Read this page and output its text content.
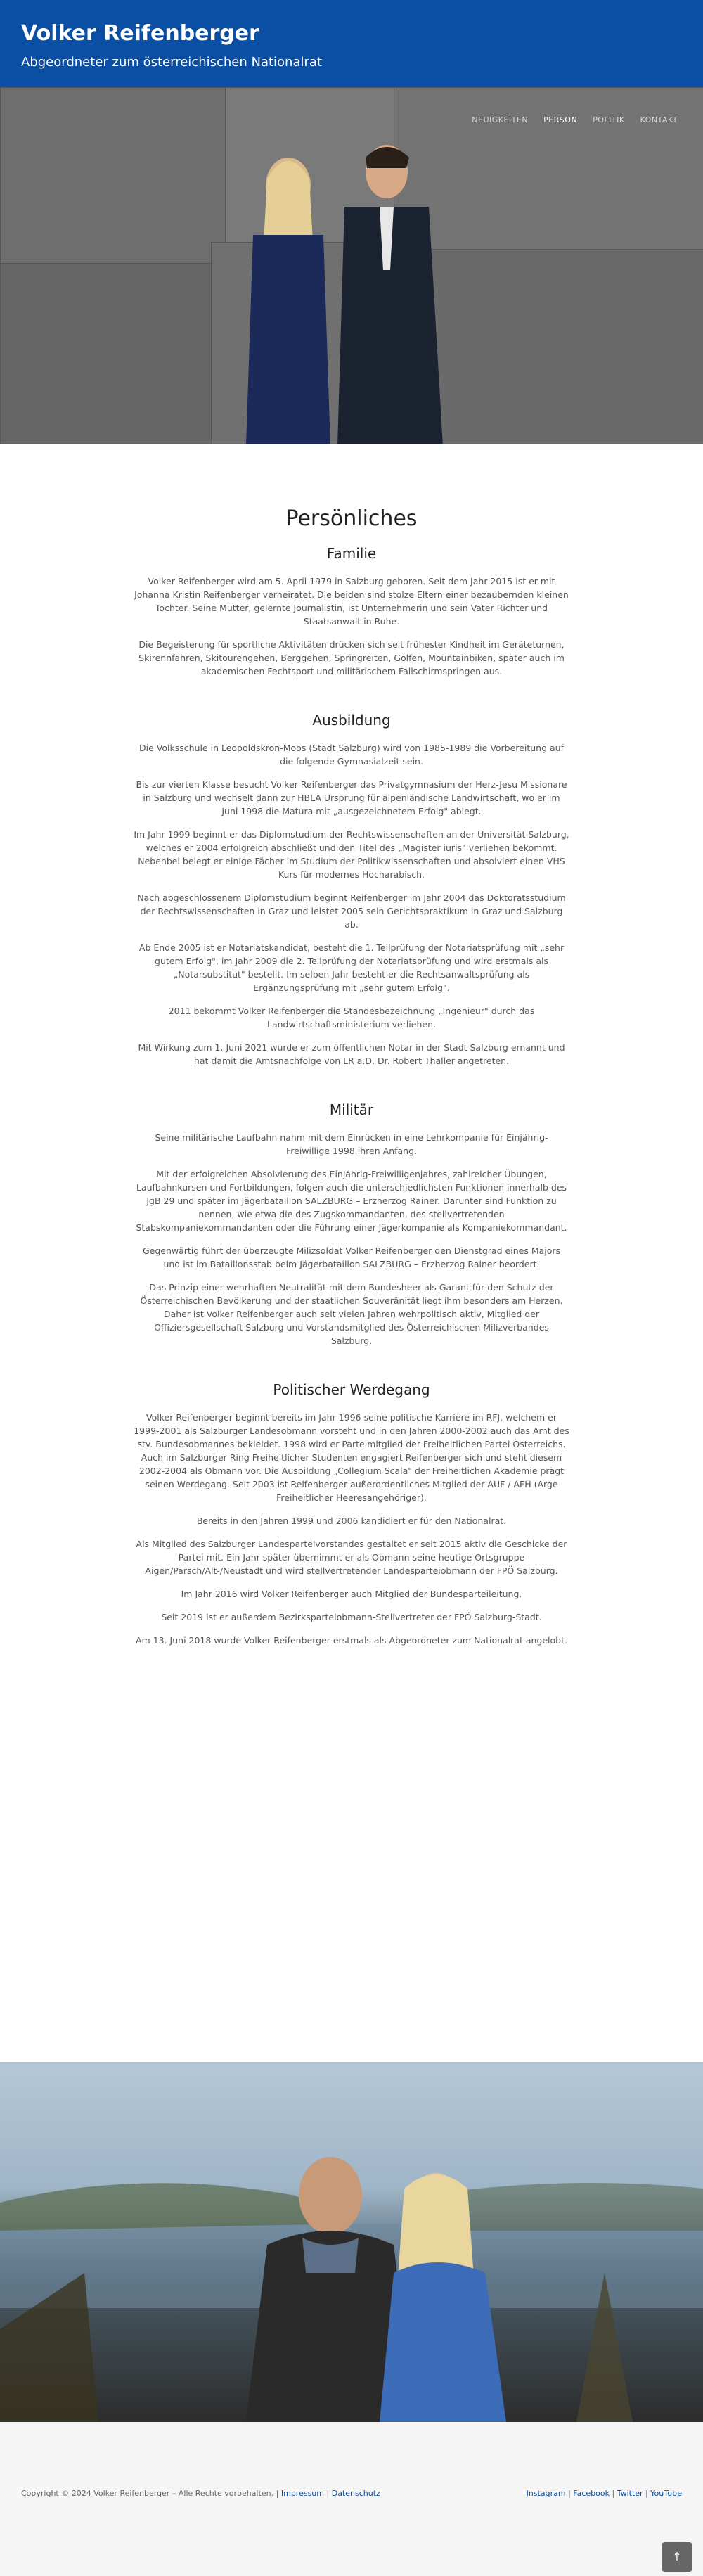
Volker Reifenberger
Abgeordneter zum österreichischen Nationalrat
NEUIGKEITEN PERSON POLITIK KONTAKT
Persönliches
Familie

Volker Reifenberger wird am 5. April 1979 in Salzburg geboren. Seit dem Jahr 2015 ist er mit Johanna Kristin Reifenberger verheiratet. Die beiden sind stolze Eltern einer bezaubernden kleinen Tochter. Seine Mutter, gelernte Journalistin, ist Unternehmerin und sein Vater Richter und Staatsanwalt in Ruhe.

Die Begeisterung für sportliche Aktivitäten drücken sich seit frühester Kindheit im Geräteturnen, Skirennfahren, Skitourengehen, Berggehen, Springreiten, Golfen, Mountainbiken, später auch im akademischen Fechtsport und militärischem Fallschirmspringen aus.

Ausbildung

Die Volksschule in Leopoldskron-Moos (Stadt Salzburg) wird von 1985-1989 die Vorbereitung auf die folgende Gymnasialzeit sein.

Bis zur vierten Klasse besucht Volker Reifenberger das Privatgymnasium der Herz-Jesu Missionare in Salzburg und wechselt dann zur HBLA Ursprung für alpenländische Landwirtschaft, wo er im Juni 1998 die Matura mit „ausgezeichnetem Erfolg" ablegt.

Im Jahr 1999 beginnt er das Diplomstudium der Rechtswissenschaften an der Universität Salzburg, welches er 2004 erfolgreich abschließt und den Titel des „Magister iuris" verliehen bekommt. Nebenbei belegt er einige Fächer im Studium der Politikwissenschaften und absolviert einen VHS Kurs für modernes Hocharabisch.

Nach abgeschlossenem Diplomstudium beginnt Reifenberger im Jahr 2004 das Doktoratsstudium der Rechtswissenschaften in Graz und leistet 2005 sein Gerichtspraktikum in Graz und Salzburg ab.

Ab Ende 2005 ist er Notariatskandidat, besteht die 1. Teilprüfung der Notariatsprüfung mit „sehr gutem Erfolg", im Jahr 2009 die 2. Teilprüfung der Notariatsprüfung und wird erstmals als „Notarsubstitut" bestellt. Im selben Jahr besteht er die Rechtsanwaltsprüfung als Ergänzungsprüfung mit „sehr gutem Erfolg".

2011 bekommt Volker Reifenberger die Standesbezeichnung „Ingenieur" durch das Landwirtschaftsministerium verliehen.

Mit Wirkung zum 1. Juni 2021 wurde er zum öffentlichen Notar in der Stadt Salzburg ernannt und hat damit die Amtsnachfolge von LR a.D. Dr. Robert Thaller angetreten.

Militär

Seine militärische Laufbahn nahm mit dem Einrücken in eine Lehrkompanie für Einjährig-Freiwillige 1998 ihren Anfang.

Mit der erfolgreichen Absolvierung des Einjährig-Freiwilligenjahres, zahlreicher Übungen, Laufbahnkursen und Fortbildungen, folgen auch die unterschiedlichsten Funktionen innerhalb des JgB 29 und später im Jägerbataillon SALZBURG – Erzherzog Rainer. Darunter sind Funktion zu nennen, wie etwa die des Zugskommandanten, des stellvertretenden Stabskompaniekommandanten oder die Führung einer Jägerkompanie als Kompaniekommandant.

Gegenwärtig führt der überzeugte Milizsoldat Volker Reifenberger den Dienstgrad eines Majors und ist im Bataillonsstab beim Jägerbataillon SALZBURG – Erzherzog Rainer beordert.

Das Prinzip einer wehrhaften Neutralität mit dem Bundesheer als Garant für den Schutz der Österreichischen Bevölkerung und der staatlichen Souveränität liegt ihm besonders am Herzen. Daher ist Volker Reifenberger auch seit vielen Jahren wehrpolitisch aktiv, Mitglied der Offiziersgesellschaft Salzburg und Vorstandsmitglied des Österreichischen Milizverbandes Salzburg.

Politischer Werdegang

Volker Reifenberger beginnt bereits im Jahr 1996 seine politische Karriere im RFJ, welchem er 1999-2001 als Salzburger Landesobmann vorsteht und in den Jahren 2000-2002 auch das Amt des stv. Bundesobmannes bekleidet. 1998 wird er Parteimitglied der Freiheitlichen Partei Österreichs. Auch im Salzburger Ring Freiheitlicher Studenten engagiert Reifenberger sich und steht diesem 2002-2004 als Obmann vor. Die Ausbildung „Collegium Scala" der Freiheitlichen Akademie prägt seinen Werdegang. Seit 2003 ist Reifenberger außerordentliches Mitglied der AUF / AFH (Arge Freiheitlicher Heeresangehöriger).

Bereits in den Jahren 1999 und 2006 kandidiert er für den Nationalrat.

Als Mitglied des Salzburger Landesparteivorstandes gestaltet er seit 2015 aktiv die Geschicke der Partei mit. Ein Jahr später übernimmt er als Obmann seine heutige Ortsgruppe Aigen/Parsch/Alt-/Neustadt und wird stellvertretender Landesparteiobmann der FPÖ Salzburg.

Im Jahr 2016 wird Volker Reifenberger auch Mitglied der Bundesparteileitung.

Seit 2019 ist er außerdem Bezirksparteiobmann-Stellvertreter der FPÖ Salzburg-Stadt.

Am 13. Juni 2018 wurde Volker Reifenberger erstmals als Abgeordneter zum Nationalrat angelobt.

Copyright © 2024 Volker Reifenberger – Alle Rechte vorbehalten. | Impressum | Datenschutz	Instagram | Facebook | Twitter | YouTube
↑
